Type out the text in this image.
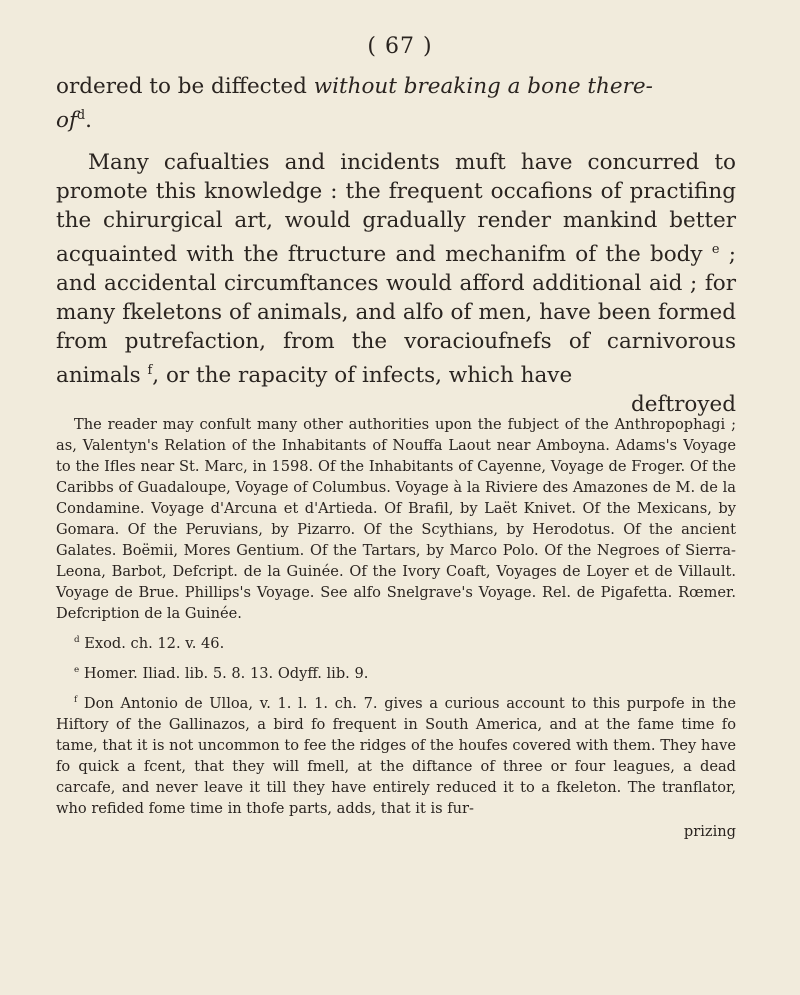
( 67 )

ordered to be diffected without breaking a bone there-
$of^d$.

Many cafualties and incidents muft have concurred to promote this knowledge : the frequent occafions of practifing the chirurgical art, would gradually render mankind better acquainted with the ftructure and mechanifm of the body $^e$ ; and accidental circumftances would afford additional aid ; for many fkeletons of animals, and alfo of men, have been formed from putrefaction, from the voracioufnefs of carnivorous animals $^f$, or the rapacity of infects, which have

deftroyed

The reader may confult many other authorities upon the fubject of the Anthropophagi ; as, Valentyn's Relation of the Inhabitants of Nouffa Laout near Amboyna. Adams's Voyage to the Ifles near St. Marc, in 1598. Of the Inhabitants of Cayenne, Voyage de Froger. Of the Caribbs of Guadaloupe, Voyage of Columbus. Voyage à la Riviere des Amazones de M. de la Condamine. Voyage d'Arcuna et d'Artieda. Of Brafil, by Laët Knivet. Of the Mexicans, by Gomara. Of the Peruvians, by Pizarro. Of the Scythians, by Herodotus. Of the ancient Galates. Boëmii, Mores Gentium. Of the Tartars, by Marco Polo. Of the Negroes of Sierra-Leona, Barbot, Defcript. de la Guinée. Of the Ivory Coaft, Voyages de Loyer et de Villault. Voyage de Brue. Phillips's Voyage. See alfo Snelgrave's Voyage. Rel. de Pigafetta. Rœmer. Defcription de la Guinée.

$^d$ Exod. ch. 12. v. 46.

$^e$ Homer. Iliad. lib. 5. 8. 13. Odyff. lib. 9.

$^f$ Don Antonio de Ulloa, v. 1. l. 1. ch. 7. gives a curious account to this purpofe in the Hiftory of the Gallinazos, a bird fo frequent in South America, and at the fame time fo tame, that it is not uncommon to fee the ridges of the houfes covered with them. They have fo quick a fcent, that they will fmell, at the diftance of three or four leagues, a dead carcafe, and never leave it till they have entirely reduced it to a fkeleton. The tranflator, who refided fome time in thofe parts, adds, that it is fur-

prizing
